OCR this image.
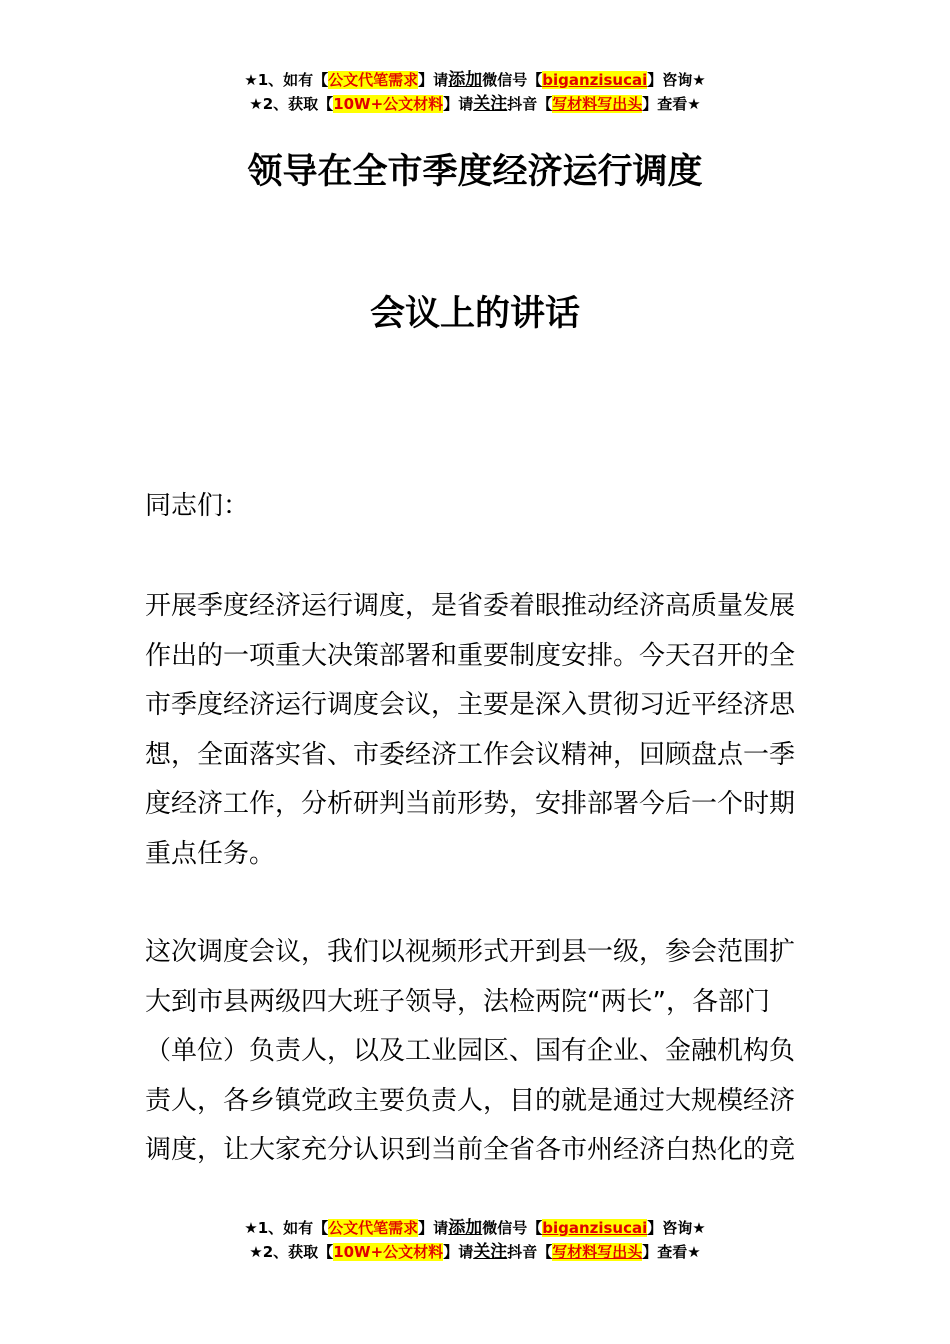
★1、如有【公文代笔需求】请添加微信号【biganzisucai】咨询★
★2、获取【10W+公文材料】请关注抖音【写材料写出头】查看★
领导在全市季度经济运行调度
会议上的讲话

同志们：

开展季度经济运行调度，是省委着眼推动经济高质量发展作出的一项重大决策部署和重要制度安排。今天召开的全市季度经济运行调度会议，主要是深入贯彻习近平经济思想，全面落实省、市委经济工作会议精神，回顾盘点一季度经济工作，分析研判当前形势，安排部署今后一个时期重点任务。

这次调度会议，我们以视频形式开到县一级，参会范围扩大到市县两级四大班子领导，法检两院“两长”，各部门（单位）负责人，以及工业园区、国有企业、金融机构负责人，各乡镇党政主要负责人，目的就是通过大规模经济调度，让大家充分认识到当前全省各市州经济白热化的竞

★1、如有【公文代笔需求】请添加微信号【biganzisucai】咨询★
★2、获取【10W+公文材料】请关注抖音【写材料写出头】查看★
